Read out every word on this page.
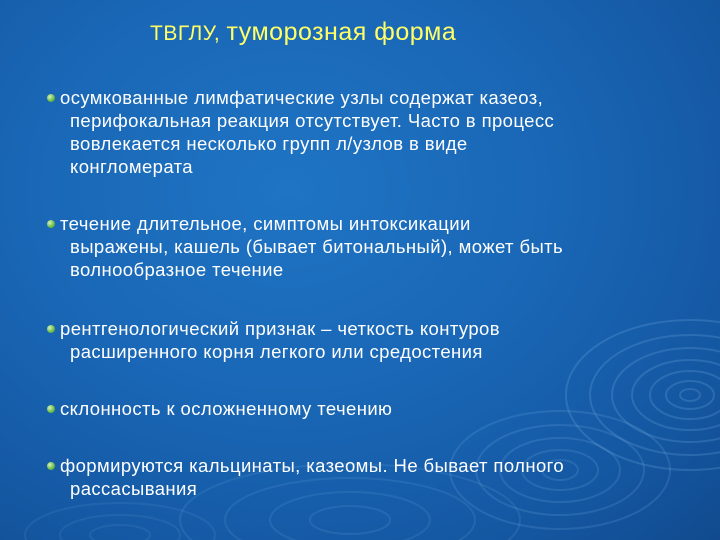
ТВГЛУ, туморозная форма
осумкованные лимфатические узлы содержат казеоз,
перифокальная реакция отсутствует. Часто в процесс
вовлекается несколько групп л/узлов в виде
конгломерата
течение длительное, симптомы интоксикации
выражены, кашель (бывает битональный), может быть
волнообразное течение
рентгенологический признак – четкость контуров
расширенного корня легкого или средостения
склонность к осложненному течению
формируются кальцинаты, казеомы. Не бывает полного
рассасывания
